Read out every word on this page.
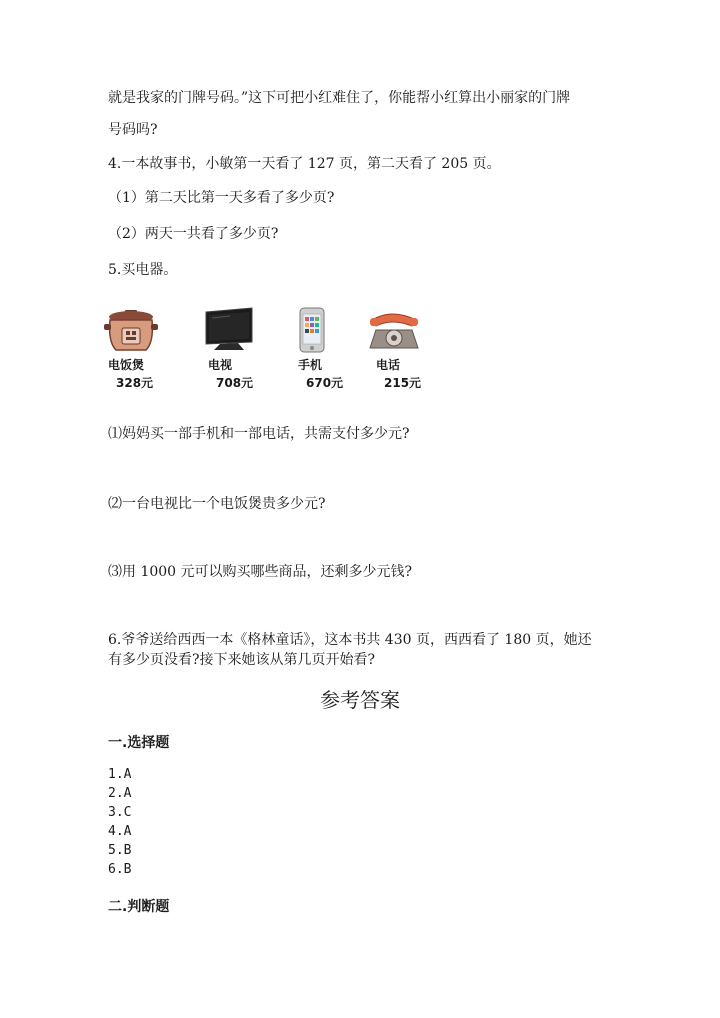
就是我家的门牌号码。”这下可把小红难住了，你能帮小红算出小丽家的门牌
号码吗?
4.一本故事书，小敏第一天看了 127 页，第二天看了 205 页。
（1）第二天比第一天多看了多少页?
（2）两天一共看了多少页?
5.买电器。
电饭煲
328元
电视
708元
手机
670元
电话
215元
⑴妈妈买一部手机和一部电话，共需支付多少元?
⑵一台电视比一个电饭煲贵多少元?
⑶用 1000 元可以购买哪些商品，还剩多少元钱?
6.爷爷送给西西一本《格林童话》，这本书共 430 页，西西看了 180 页，她还
有多少页没看?接下来她该从第几页开始看?
参考答案
一.选择题
1.A
2.A
3.C
4.A
5.B
6.B
二.判断题
